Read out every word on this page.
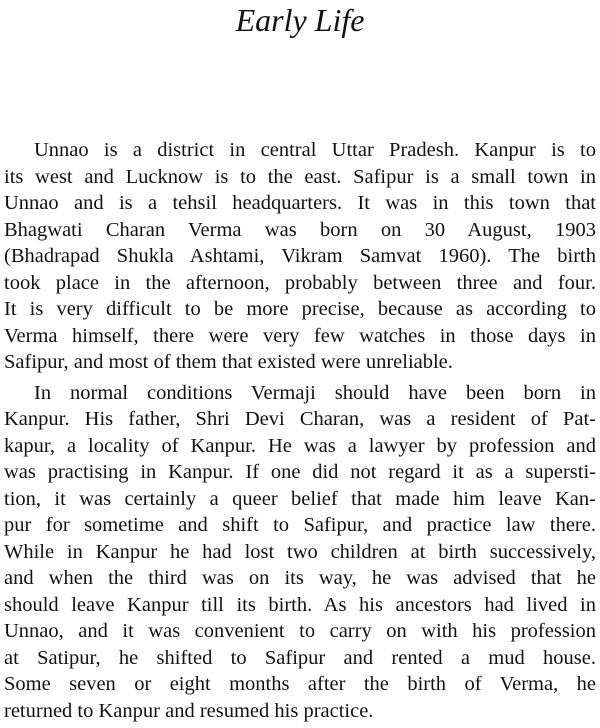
Early Life

Unnao is a district in central Uttar Pradesh. Kanpur is to
its west and Lucknow is to the east. Safipur is a small town in
Unnao and is a tehsil headquarters. It was in this town that
Bhagwati Charan Verma was born on 30 August, 1903
(Bhadrapad Shukla Ashtami, Vikram Samvat 1960). The birth
took place in the afternoon, probably between three and four.
It is very difficult to be more precise, because as according to
Verma himself, there were very few watches in those days in
Safipur, and most of them that existed were unreliable.

In normal conditions Vermaji should have been born in
Kanpur. His father, Shri Devi Charan, was a resident of Pat-
kapur, a locality of Kanpur. He was a lawyer by profession and
was practising in Kanpur. If one did not regard it as a supersti-
tion, it was certainly a queer belief that made him leave Kan-
pur for sometime and shift to Safipur, and practice law there.
While in Kanpur he had lost two children at birth successively,
and when the third was on its way, he was advised that he
should leave Kanpur till its birth. As his ancestors had lived in
Unnao, and it was convenient to carry on with his profession
at Satipur, he shifted to Safipur and rented a mud house.
Some seven or eight months after the birth of Verma, he
returned to Kanpur and resumed his practice.
